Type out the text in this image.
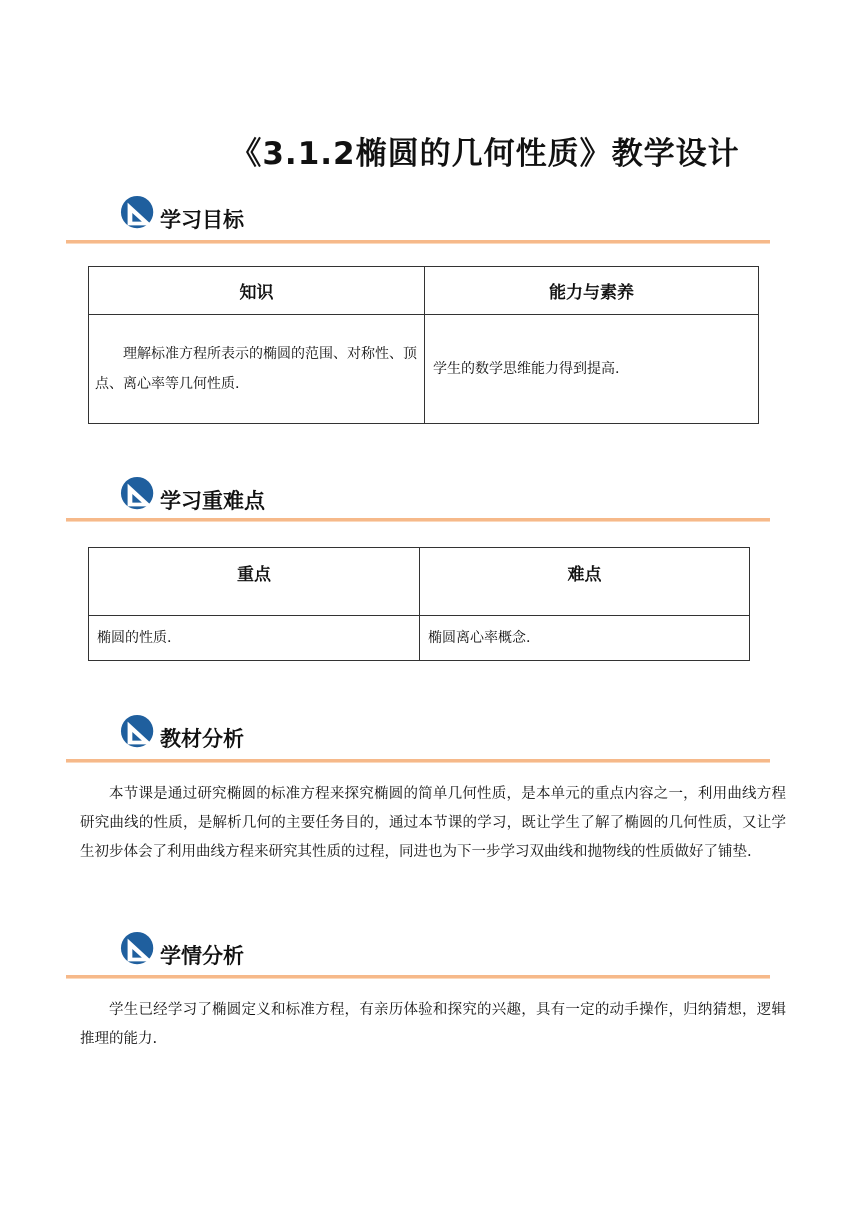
《3.1.2椭圆的几何性质》教学设计
学习目标
知识	能力与素养
理解标准方程所表示的椭圆的范围、对称性、顶点、离心率等几何性质.	学生的数学思维能力得到提高.
学习重难点
重点	难点
椭圆的性质.	椭圆离心率概念.
教材分析
本节课是通过研究椭圆的标准方程来探究椭圆的简单几何性质，是本单元的重点内容之一，利用曲线方程研究曲线的性质，是解析几何的主要任务目的，通过本节课的学习，既让学生了解了椭圆的几何性质，又让学生初步体会了利用曲线方程来研究其性质的过程，同进也为下一步学习双曲线和抛物线的性质做好了铺垫.
学情分析
学生已经学习了椭圆定义和标准方程，有亲历体验和探究的兴趣，具有一定的动手操作，归纳猜想，逻辑推理的能力.
